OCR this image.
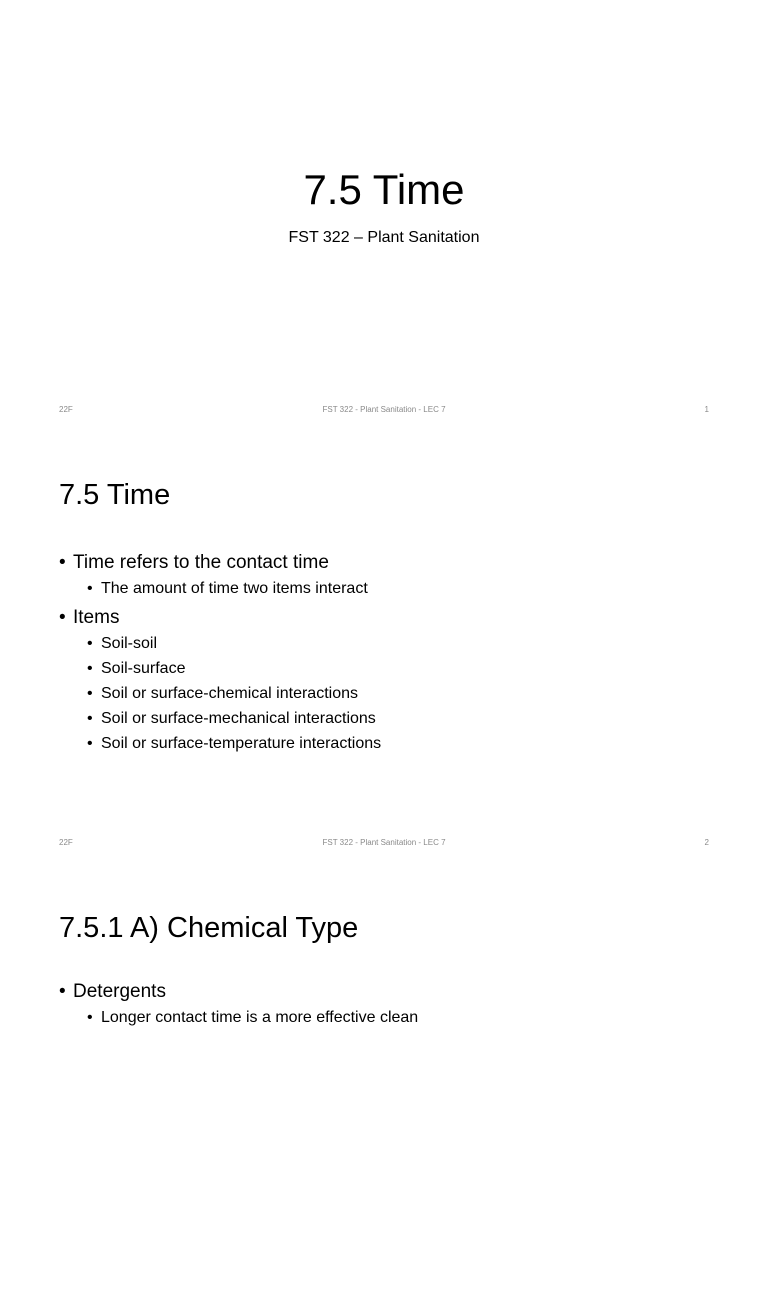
7.5 Time

FST 322 – Plant Sanitation

22F	FST 322 - Plant Sanitation - LEC 7	1
7.5 Time
• Time refers to the contact time
• The amount of time two items interact
• Items
• Soil-soil
• Soil-surface
• Soil or surface-chemical interactions
• Soil or surface-mechanical interactions
• Soil or surface-temperature interactions
22F	FST 322 - Plant Sanitation - LEC 7	2
7.5.1 A) Chemical Type
• Detergents
• Longer contact time is a more effective clean
